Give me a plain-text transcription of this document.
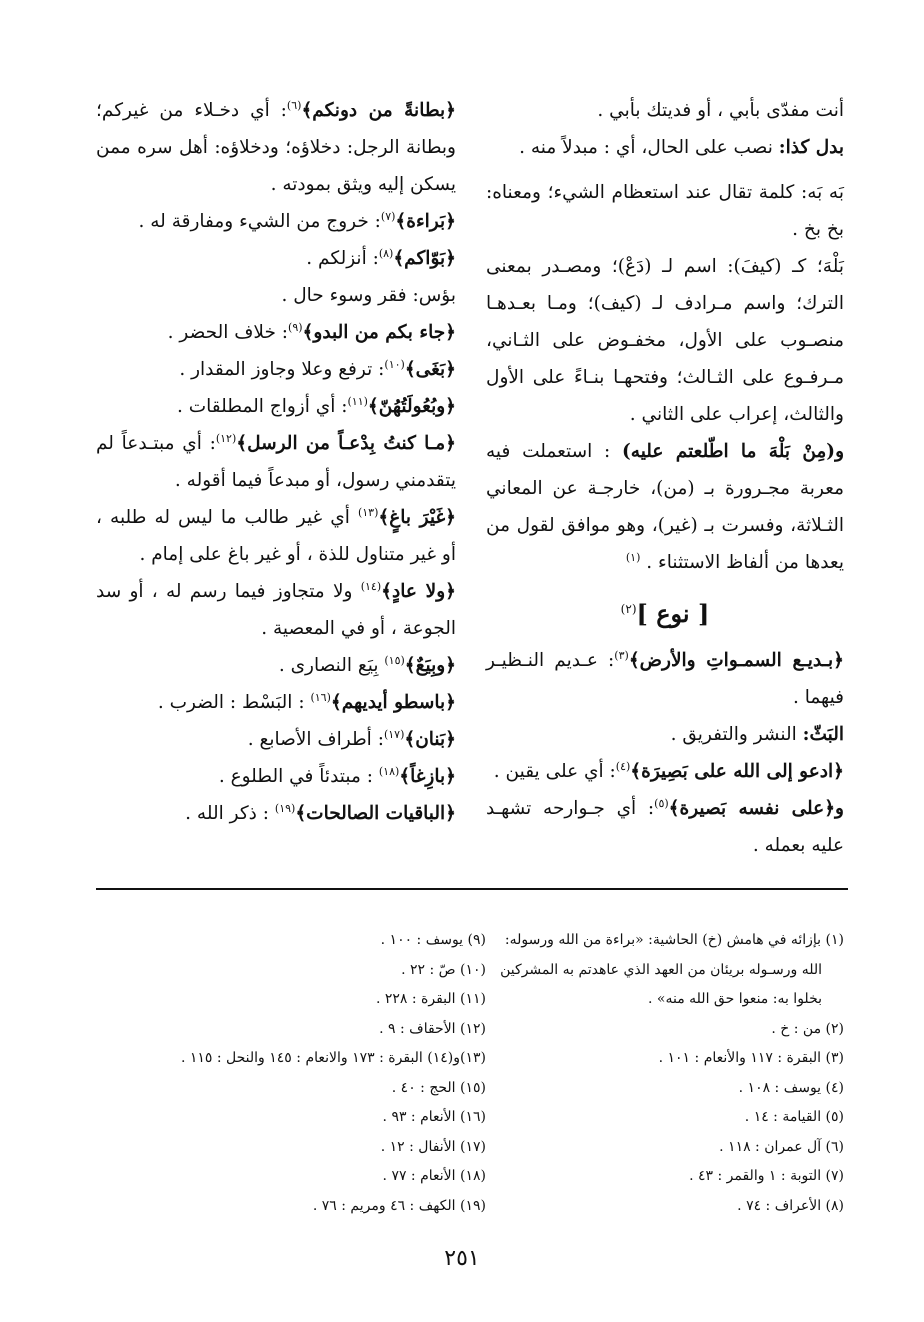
أنت مفدّى بأبي ، أو فديتك بأبي .
بدل كذا: نصب على الحال، أي : مبدلاً منه .
بَه بَه: كلمة تقال عند استعظام الشيء؛ ومعناه: بخ بخ .
بَلْهَ؛ كـ (كيفَ): اسم لـ (دَعْ)؛ ومصـدر بمعنى الترك؛ واسم مـرادف لـ (كيف)؛ ومـا بعـدهـا منصـوب على الأول، مخفـوض على الثـاني، مـرفـوع على الثـالث؛ وفتحهـا بنـاءً على الأول والثالث، إعراب على الثاني .
و(مِنْ بَلْهَ ما اطّلعتم عليه) : استعملت فيه معربة مجـرورة بـ (من)، خارجـة عن المعاني الثـلاثة، وفسرت بـ (غير)، وهو موافق لقول من يعدها من ألفاظ الاستثناء . $^{(١)}$
[ نوع ]$^{(٢)}$
﴿بـديـع السمـواتِ والأرض﴾$^{(٣)}$: عـديم النـظيـر فيهما .
البَثّ: النشر والتفريق .
﴿ادعو إلى الله على بَصِيرَة﴾$^{(٤)}$: أي على يقين .
و﴿على نفسه بَصيرة﴾$^{(٥)}$: أي جـوارحه تشهـد عليه بعمله .
﴿بطانةً من دونكم﴾$^{(٦)}$: أي دخـلاء من غيركم؛ وبطانة الرجل: دخلاؤه؛ ودخلاؤه: أهل سره ممن يسكن إليه ويثق بمودته .
﴿بَراءة﴾$^{(٧)}$: خروج من الشيء ومفارقة له .
﴿بَوّاكم﴾$^{(٨)}$: أنزلكم .
بؤس: فقر وسوء حال .
﴿جاء بكم من البدو﴾$^{(٩)}$: خلاف الحضر .
﴿بَغَى﴾$^{(١٠)}$: ترفع وعلا وجاوز المقدار .
﴿وبُعُولَتُهُنّ﴾$^{(١١)}$: أي أزواج المطلقات .
﴿مـا كنتُ بِدْعـاً من الرسل﴾$^{(١٢)}$: أي مبتـدعاً لم يتقدمني رسول، أو مبدعاً فيما أقوله .
﴿غَيْرَ باغٍ﴾$^{(١٣)}$ أي غير طالب ما ليس له طلبه ، أو غير متناول للذة ، أو غير باغ على إمام .
﴿ولا عادٍ﴾$^{(١٤)}$ ولا متجاوز فيما رسم له ، أو سد الجوعة ، أو في المعصية .
﴿وبِيَعٌ﴾$^{(١٥)}$ بِيَع النصارى .
﴿باسطو أيديهم﴾$^{(١٦)}$ : البَسْط : الضرب .
﴿بَنان﴾$^{(١٧)}$: أطراف الأصابع .
﴿بازِغاً﴾$^{(١٨)}$ : مبتدئاً في الطلوع .
﴿الباقيات الصالحات﴾$^{(١٩)}$ : ذكر الله .
(١) بإزائه في هامش (خ) الحاشية: «براءة من الله ورسوله:
الله ورسـوله بريئان من العهد الذي عاهدتم به المشركين
بخلوا به: منعوا حق الله منه» .
(٢) من : خ .
(٣) البقرة : ١١٧ والأنعام : ١٠١ .
(٤) يوسف : ١٠٨ .
(٥) القيامة : ١٤ .
(٦) آل عمران : ١١٨ .
(٧) التوبة : ١ والقمر : ٤٣ .
(٨) الأعراف : ٧٤ .
(٩) يوسف : ١٠٠ .
(١٠) صّ : ٢٢ .
(١١) البقرة : ٢٢٨ .
(١٢) الأحقاف : ٩ .
(١٣)و(١٤) البقرة : ١٧٣ والانعام : ١٤٥ والنحل : ١١٥ .
(١٥) الحج : ٤٠ .
(١٦) الأنعام : ٩٣ .
(١٧) الأنفال : ١٢ .
(١٨) الأنعام : ٧٧ .
(١٩) الكهف : ٤٦ ومريم : ٧٦ .
٢٥١
